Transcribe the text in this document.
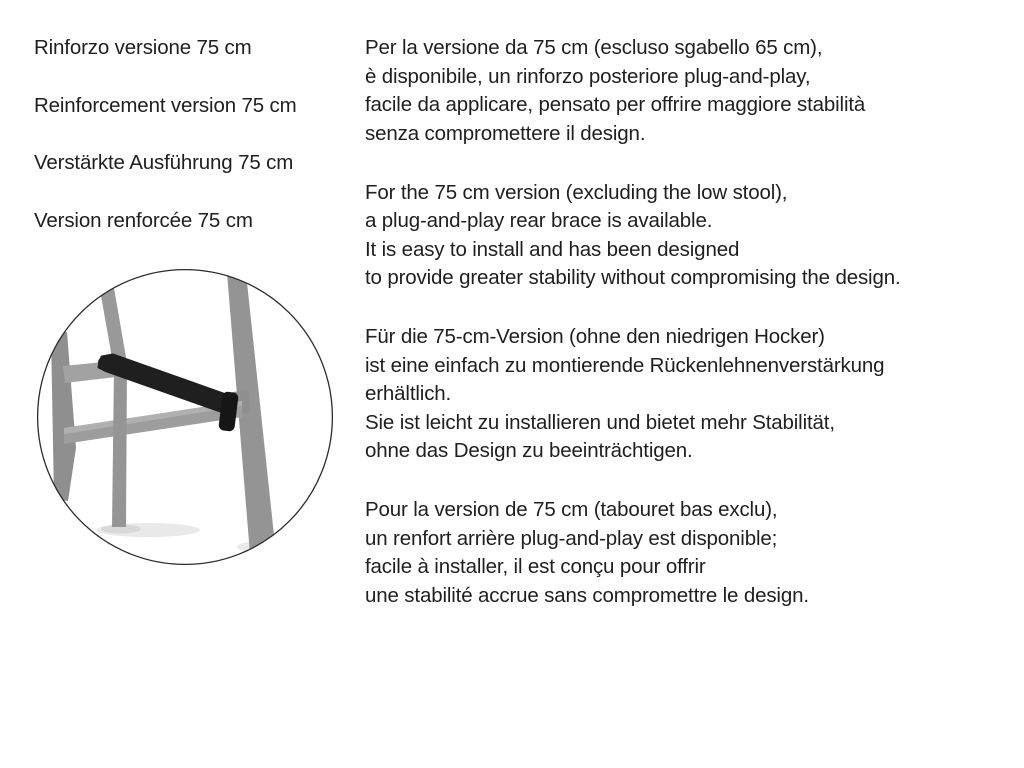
Rinforzo versione 75 cm
Reinforcement version 75 cm
Verstärkte Ausführung 75 cm
Version renforcée 75 cm

Per la versione da 75 cm (escluso sgabello 65 cm),
è disponibile, un rinforzo posteriore plug-and-play,
facile da applicare, pensato per offrire maggiore stabilità
senza compromettere il design.

For the 75 cm version (excluding the low stool),
a plug-and-play rear brace is available.
It is easy to install and has been designed
to provide greater stability without compromising the design.

Für die 75-cm-Version (ohne den niedrigen Hocker)
ist eine einfach zu montierende Rückenlehnenverstärkung
erhältlich.
Sie ist leicht zu installieren und bietet mehr Stabilität,
ohne das Design zu beeinträchtigen.

Pour la version de 75 cm (tabouret bas exclu),
un renfort arrière plug-and-play est disponible;
facile à installer, il est conçu pour offrir
une stabilité accrue sans compromettre le design.
